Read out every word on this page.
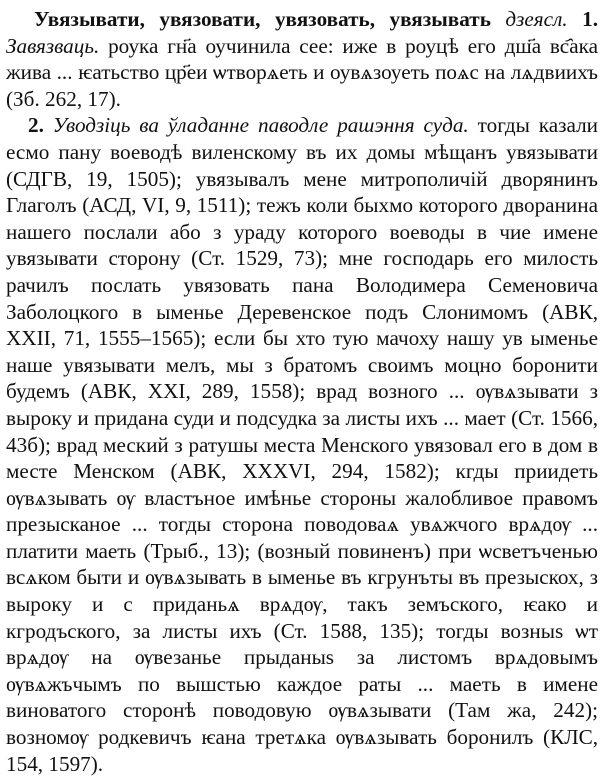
Увязывати, увязовати, увязовать, увязывать дзеясл. 1. Завязваць. роука гн҃а оучинила сее: иже в роуцѣ его дш҃а вс҄ака жива ... ѥатьство цр҃еи ѡтворѧеть и оувѧзоуеть поѧс на лѧдвиихъ (Зб. 262, 17).

2. Уводзіць ва ўладанне паводле рашэння суда. тогды казали есмо пану воеводѣ виленскому въ их домы мѣщанъ увязывати (СДГВ, 19, 1505); увязывалъ мене митрополичій дворянинъ Глаголъ (АСД, VI, 9, 1511); тежъ коли быхмо которого дворанина нашего послали або з ураду которого воеводы в чие имене увязывати сторону (Ст. 1529, 73); мне господарь его милость рачилъ послать увязовать пана Володимера Семеновича Заболоцкого в ыменье Деревенское подъ Слонимомъ (АВК, XXII, 71, 1555–1565); если бы хто тую мачоху нашу ув ыменье наше увязывати мелъ, мы з братомъ своимъ моцно боронити будемъ (АВК, XXI, 289, 1558); врад возного ... ѹвѧзывати з выроку и придана суди и подсудка за листы ихъ ... мает (Ст. 1566, 43б); врад меский з ратушы места Менского увязовал его в дом в месте Менском (АВК, XXXVI, 294, 1582); кгды приидеть ѹвѧзывать ѹ властъное имѣнье стороны жалобливое правомъ презысканое ... тогды сторона поводоваѧ увѧжчого врѧдѹ ... платити маеть (Трыб., 13); (возный повиненъ) при ѡсветъченью всѧком быти и ѹвѧзывать в ыменье въ кгрунъты въ презыскох, з выроку и с приданьѧ врѧдѹ, такъ земъского, ѥако и кгродъского, за листы ихъ (Ст. 1588, 135); тогды возныѕ ѡт врѧдѹ на ѹвезанье прыданыѕ за листомъ врѧдовымъ ѹвѧжъчымъ по вышстью каждое раты ... маеть в имене виноватого сторонѣ поводовую ѹвѧзывати (Там жа, 242); возномѹ родкевичъ ѥана третѧка ѹвѧзывать боронилъ (КЛС, 154, 1597).
